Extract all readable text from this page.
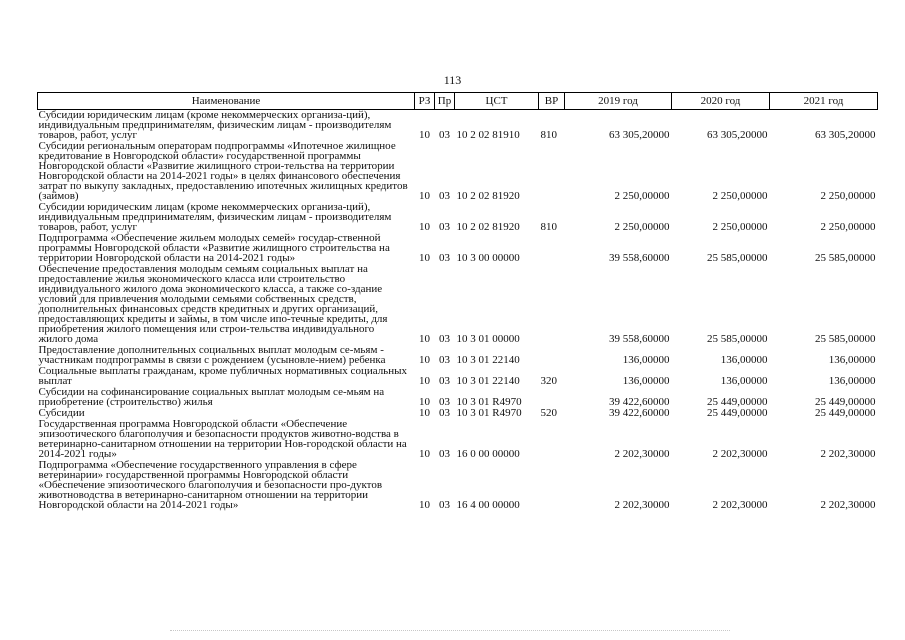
113
Наименование	РЗ	Пр	ЦСТ	ВР	2019 год	2020 год	2021 год
Субсидии юридическим лицам (кроме некоммерческих организа-ций), индивидуальным предпринимателям, физическим лицам - производителям товаров, работ, услуг	10	03	10 2 02 81910	810	63 305,20000	63 305,20000	63 305,20000
Субсидии региональным операторам подпрограммы «Ипотечное жилищное кредитование в Новгородской области» государственной программы Новгородской области «Развитие жилищного строи-тельства на территории Новгородской области на 2014-2021 годы» в целях финансового обеспечения затрат по выкупу закладных, предоставлению ипотечных жилищных кредитов (займов)	10	03	10 2 02 81920		2 250,00000	2 250,00000	2 250,00000
Субсидии юридическим лицам (кроме некоммерческих организа-ций), индивидуальным предпринимателям, физическим лицам - производителям товаров, работ, услуг	10	03	10 2 02 81920	810	2 250,00000	2 250,00000	2 250,00000
Подпрограмма «Обеспечение жильем молодых семей» государ-ственной программы Новгородской области «Развитие жилищного строительства на территории Новгородской области на 2014-2021 годы»	10	03	10 3 00 00000		39 558,60000	25 585,00000	25 585,00000
Обеспечение предоставления молодым семьям социальных выплат на предоставление жилья экономического класса или строительство индивидуального жилого дома экономического класса, а также со-здание условий для привлечения молодыми семьями собственных средств, дополнительных финансовых средств кредитных и других организаций, предоставляющих кредиты и займы, в том числе ипо-течные кредиты, для приобретения жилого помещения или строи-тельства индивидуального жилого дома	10	03	10 3 01 00000		39 558,60000	25 585,00000	25 585,00000
Предоставление дополнительных социальных выплат молодым се-мьям - участникам подпрограммы в связи с рождением (усыновле-нием) ребенка	10	03	10 3 01 22140		136,00000	136,00000	136,00000
Социальные выплаты гражданам, кроме публичных нормативных социальных выплат	10	03	10 3 01 22140	320	136,00000	136,00000	136,00000
Субсидии на софинансирование социальных выплат молодым се-мьям на приобретение (строительство) жилья	10	03	10 3 01 R4970		39 422,60000	25 449,00000	25 449,00000
Субсидии	10	03	10 3 01 R4970	520	39 422,60000	25 449,00000	25 449,00000
Государственная программа Новгородской области «Обеспечение эпизоотического благополучия и безопасности продуктов животно-водства в ветеринарно-санитарном отношении на территории Нов-городской области на 2014-2021 годы»	10	03	16 0 00 00000		2 202,30000	2 202,30000	2 202,30000
Подпрограмма «Обеспечение государственного управления в сфере ветеринарии» государственной программы Новгородской области «Обеспечение эпизоотического благополучия и безопасности про-дуктов животноводства в ветеринарно-санитарном отношении на территории Новгородской области на 2014-2021 годы»	10	03	16 4 00 00000		2 202,30000	2 202,30000	2 202,30000
